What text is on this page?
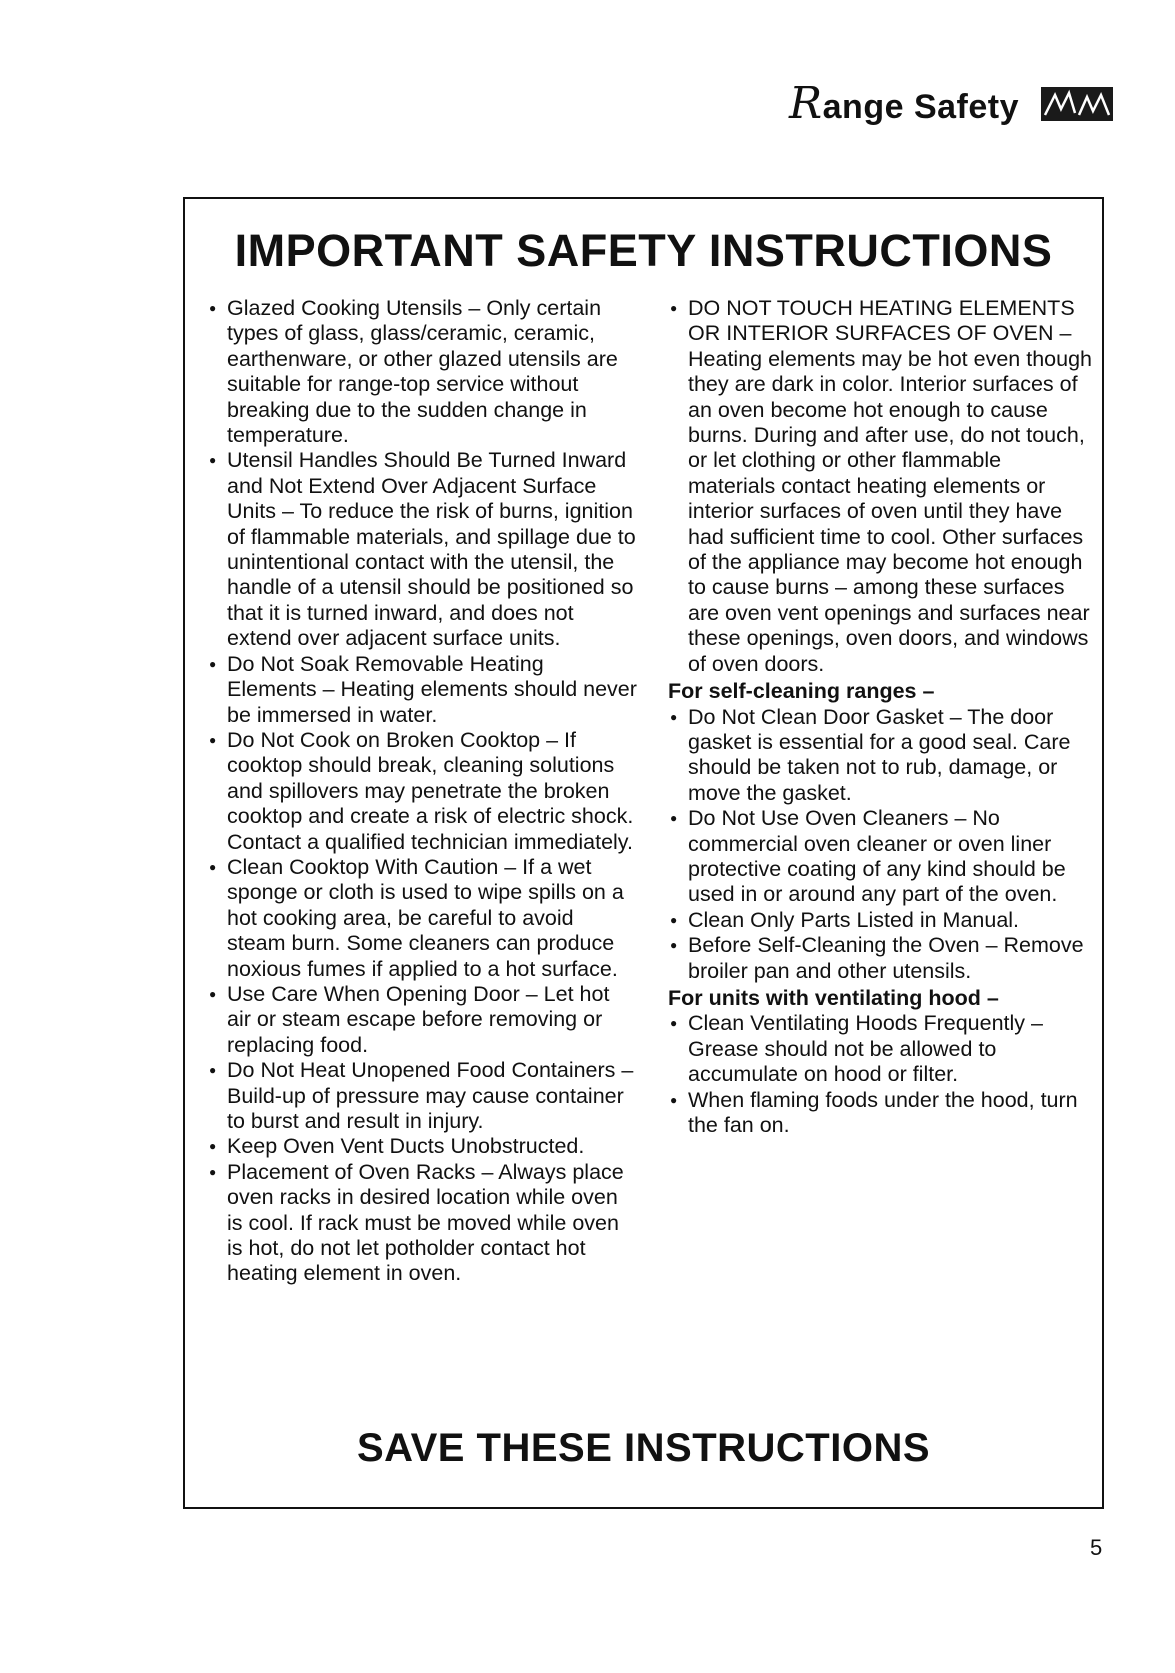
Range Safety
IMPORTANT SAFETY INSTRUCTIONS
● Glazed Cooking Utensils – Only certain types of glass, glass/ceramic, ceramic, earthenware, or other glazed utensils are suitable for range-top service without breaking due to the sudden change in temperature.
● Utensil Handles Should Be Turned Inward and Not Extend Over Adjacent Surface Units – To reduce the risk of burns, ignition of flammable materials, and spillage due to unintentional contact with the utensil, the handle of a utensil should be positioned so that it is turned inward, and does not extend over adjacent surface units.
● Do Not Soak Removable Heating Elements – Heating elements should never be immersed in water.
● Do Not Cook on Broken Cooktop – If cooktop should break, cleaning solutions and spillovers may penetrate the broken cooktop and create a risk of electric shock. Contact a qualified technician immediately.
● Clean Cooktop With Caution – If a wet sponge or cloth is used to wipe spills on a hot cooking area, be careful to avoid steam burn. Some cleaners can produce noxious fumes if applied to a hot surface.
● Use Care When Opening Door – Let hot air or steam escape before removing or replacing food.
● Do Not Heat Unopened Food Containers – Build-up of pressure may cause container to burst and result in injury.
● Keep Oven Vent Ducts Unobstructed.
● Placement of Oven Racks – Always place oven racks in desired location while oven is cool. If rack must be moved while oven is hot, do not let potholder contact hot heating element in oven.
● DO NOT TOUCH HEATING ELEMENTS OR INTERIOR SURFACES OF OVEN – Heating elements may be hot even though they are dark in color. Interior surfaces of an oven become hot enough to cause burns. During and after use, do not touch, or let clothing or other flammable materials contact heating elements or interior surfaces of oven until they have had sufficient time to cool. Other surfaces of the appliance may become hot enough to cause burns – among these surfaces are oven vent openings and surfaces near these openings, oven doors, and windows of oven doors.
For self-cleaning ranges –
● Do Not Clean Door Gasket – The door gasket is essential for a good seal. Care should be taken not to rub, damage, or move the gasket.
● Do Not Use Oven Cleaners – No commercial oven cleaner or oven liner protective coating of any kind should be used in or around any part of the oven.
● Clean Only Parts Listed in Manual.
● Before Self-Cleaning the Oven – Remove broiler pan and other utensils.
For units with ventilating hood –
● Clean Ventilating Hoods Frequently – Grease should not be allowed to accumulate on hood or filter.
● When flaming foods under the hood, turn the fan on.
SAVE THESE INSTRUCTIONS
5
